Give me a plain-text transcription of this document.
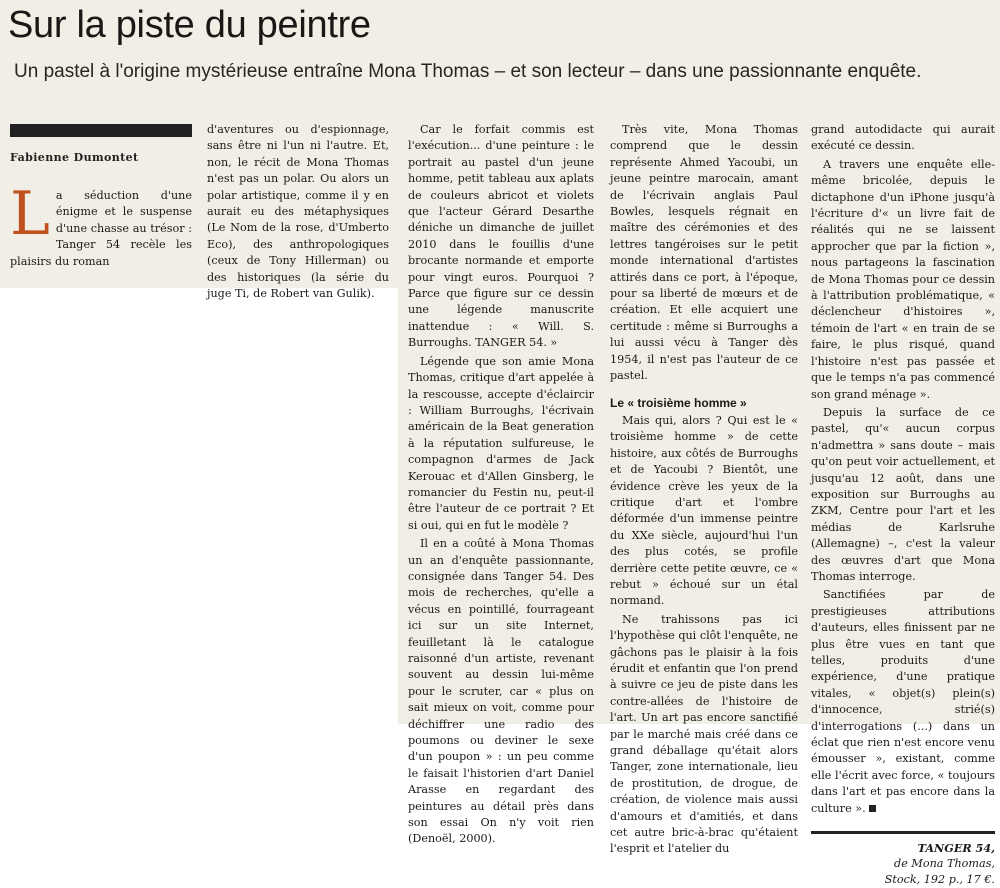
Sur la piste du peintre

Un pastel à l'origine mystérieuse entraîne Mona Thomas – et son lecteur – dans une passionnante enquête.

Fabienne Dumontet
L a séduction d'une énigme et le suspense d'une chasse au trésor : Tanger 54 recèle les plaisirs du roman

d'aventures ou d'espionnage, sans être ni l'un ni l'autre. Et, non, le récit de Mona Thomas n'est pas un polar. Ou alors un polar artistique, comme il y en aurait eu des métaphysiques (Le Nom de la rose, d'Umberto Eco), des anthropologiques (ceux de Tony Hillerman) ou des historiques (la série du juge Ti, de Robert van Gulik).

Car le forfait commis est l'exécution... d'une peinture : le portrait au pastel d'un jeune homme, petit tableau aux aplats de couleurs abricot et violets que l'acteur Gérard Desarthe déniche un dimanche de juillet 2010 dans le fouillis d'une brocante normande et emporte pour vingt euros. Pourquoi ? Parce que figure sur ce dessin une légende manuscrite inattendue : « Will. S. Burroughs. TANGER 54. »

Légende que son amie Mona Thomas, critique d'art appelée à la rescousse, accepte d'éclaircir : William Burroughs, l'écrivain américain de la Beat generation à la réputation sulfureuse, le compagnon d'armes de Jack Kerouac et d'Allen Ginsberg, le romancier du Festin nu, peut-il être l'auteur de ce portrait ? Et si oui, qui en fut le modèle ?

Il en a coûté à Mona Thomas un an d'enquête passionnante, consignée dans Tanger 54. Des mois de recherches, qu'elle a vécus en pointillé, fourrageant ici sur un site Internet, feuilletant là le catalogue raisonné d'un artiste, revenant souvent au dessin lui-même pour le scruter, car « plus on sait mieux on voit, comme pour déchiffrer une radio des poumons ou deviner le sexe d'un poupon » : un peu comme le faisait l'historien d'art Daniel Arasse en regardant des peintures au détail près dans son essai On n'y voit rien (Denoël, 2000).

Très vite, Mona Thomas comprend que le dessin représente Ahmed Yacoubi, un jeune peintre marocain, amant de l'écrivain anglais Paul Bowles, lesquels régnait en maître des cérémonies et des lettres tangéroises sur le petit monde international d'artistes attirés dans ce port, à l'époque, pour sa liberté de mœurs et de création. Et elle acquiert une certitude : même si Burroughs a lui aussi vécu à Tanger dès 1954, il n'est pas l'auteur de ce pastel.

Le « troisième homme »

Mais qui, alors ? Qui est le « troisième homme » de cette histoire, aux côtés de Burroughs et de Yacoubi ? Bientôt, une évidence crève les yeux de la critique d'art et l'ombre déformée d'un immense peintre du XXe siècle, aujourd'hui l'un des plus cotés, se profile derrière cette petite œuvre, ce « rebut » échoué sur un étal normand.

Ne trahissons pas ici l'hypothèse qui clôt l'enquête, ne gâchons pas le plaisir à la fois érudit et enfantin que l'on prend à suivre ce jeu de piste dans les contre-allées de l'histoire de l'art. Un art pas encore sanctifié par le marché mais créé dans ce grand déballage qu'était alors Tanger, zone internationale, lieu de prostitution, de drogue, de création, de violence mais aussi d'amours et d'amitiés, et dans cet autre bric-à-brac qu'étaient l'esprit et l'atelier du

grand autodidacte qui aurait exécuté ce dessin.

A travers une enquête elle-même bricolée, depuis le dictaphone d'un iPhone jusqu'à l'écriture d'« un livre fait de réalités qui ne se laissent approcher que par la fiction », nous partageons la fascination de Mona Thomas pour ce dessin à l'attribution problématique, « déclencheur d'histoires », témoin de l'art « en train de se faire, le plus risqué, quand l'histoire n'est pas passée et que le temps n'a pas commencé son grand ménage ».

Depuis la surface de ce pastel, qu'« aucun corpus n'admettra » sans doute – mais qu'on peut voir actuellement, et jusqu'au 12 août, dans une exposition sur Burroughs au ZKM, Centre pour l'art et les médias de Karlsruhe (Allemagne) –, c'est la valeur des œuvres d'art que Mona Thomas interroge.

Sanctifiées par de prestigieuses attributions d'auteurs, elles finissent par ne plus être vues en tant que telles, produits d'une expérience, d'une pratique vitales, « objet(s) plein(s) d'innocence, strié(s) d'interrogations (...) dans un éclat que rien n'est encore venu émousser », existant, comme elle l'écrit avec force, « toujours dans l'art et pas encore dans la culture ».

TANGER 54,
de Mona Thomas,
Stock, 192 p., 17 €.
